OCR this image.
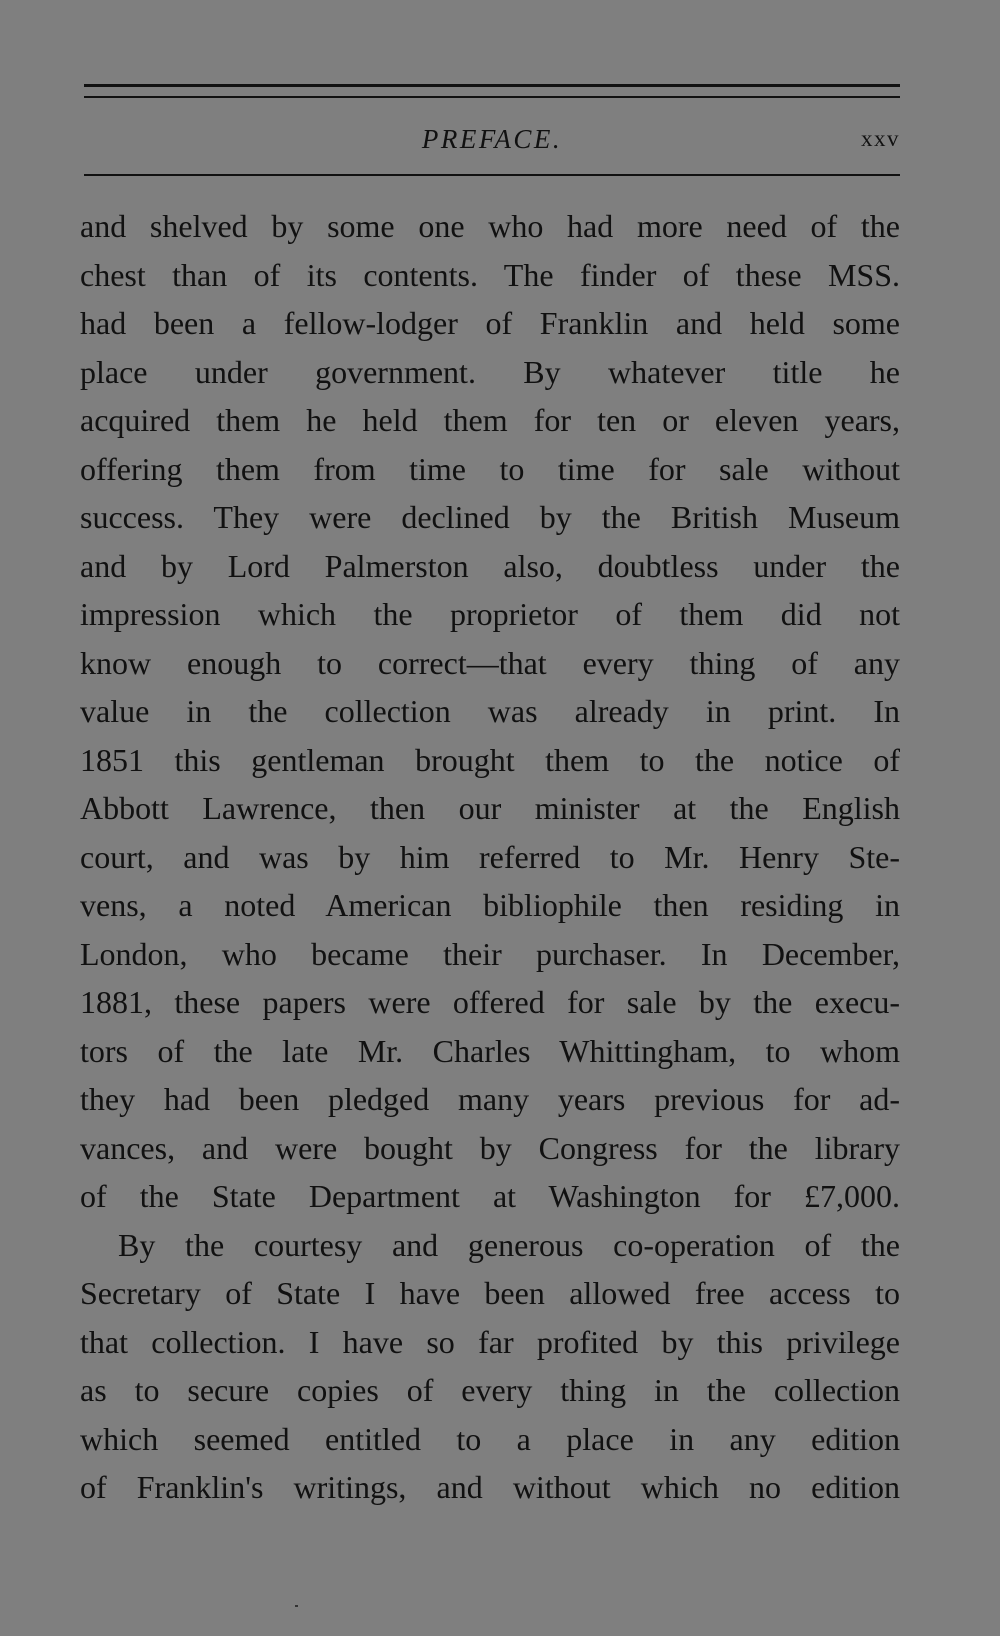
PREFACE.	xxv
and shelved by some one who had more need of the
chest than of its contents. The finder of these MSS.
had been a fellow-lodger of Franklin and held some
place under government. By whatever title he
acquired them he held them for ten or eleven years,
offering them from time to time for sale without
success. They were declined by the British Museum
and by Lord Palmerston also, doubtless under the
impression which the proprietor of them did not
know enough to correct—that every thing of any
value in the collection was already in print. In
1851 this gentleman brought them to the notice of
Abbott Lawrence, then our minister at the English
court, and was by him referred to Mr. Henry Ste-
vens, a noted American bibliophile then residing in
London, who became their purchaser. In December,
1881, these papers were offered for sale by the execu-
tors of the late Mr. Charles Whittingham, to whom
they had been pledged many years previous for ad-
vances, and were bought by Congress for the library
of the State Department at Washington for £7,000.
By the courtesy and generous co-operation of the
Secretary of State I have been allowed free access to
that collection. I have so far profited by this privilege
as to secure copies of every thing in the collection
which seemed entitled to a place in any edition
of Franklin's writings, and without which no edition
